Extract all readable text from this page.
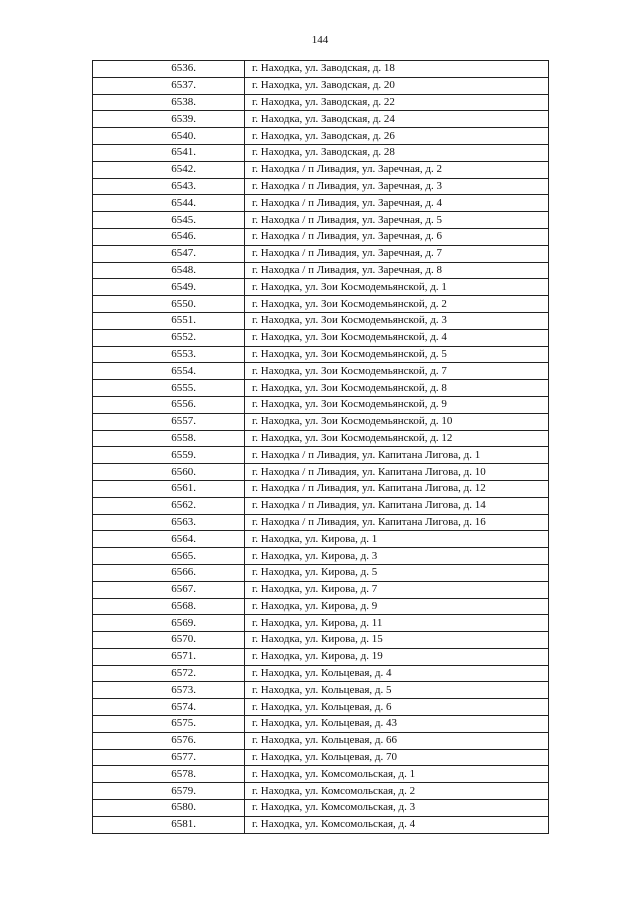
144
6536.	г. Находка, ул. Заводская, д. 18
6537.	г. Находка, ул. Заводская, д. 20
6538.	г. Находка, ул. Заводская, д. 22
6539.	г. Находка, ул. Заводская, д. 24
6540.	г. Находка, ул. Заводская, д. 26
6541.	г. Находка, ул. Заводская, д. 28
6542.	г. Находка / п Ливадия, ул. Заречная, д. 2
6543.	г. Находка / п Ливадия, ул. Заречная, д. 3
6544.	г. Находка / п Ливадия, ул. Заречная, д. 4
6545.	г. Находка / п Ливадия, ул. Заречная, д. 5
6546.	г. Находка / п Ливадия, ул. Заречная, д. 6
6547.	г. Находка / п Ливадия, ул. Заречная, д. 7
6548.	г. Находка / п Ливадия, ул. Заречная, д. 8
6549.	г. Находка, ул. Зои Космодемьянской, д. 1
6550.	г. Находка, ул. Зои Космодемьянской, д. 2
6551.	г. Находка, ул. Зои Космодемьянской, д. 3
6552.	г. Находка, ул. Зои Космодемьянской, д. 4
6553.	г. Находка, ул. Зои Космодемьянской, д. 5
6554.	г. Находка, ул. Зои Космодемьянской, д. 7
6555.	г. Находка, ул. Зои Космодемьянской, д. 8
6556.	г. Находка, ул. Зои Космодемьянской, д. 9
6557.	г. Находка, ул. Зои Космодемьянской, д. 10
6558.	г. Находка, ул. Зои Космодемьянской, д. 12
6559.	г. Находка / п Ливадия, ул. Капитана Лигова, д. 1
6560.	г. Находка / п Ливадия, ул. Капитана Лигова, д. 10
6561.	г. Находка / п Ливадия, ул. Капитана Лигова, д. 12
6562.	г. Находка / п Ливадия, ул. Капитана Лигова, д. 14
6563.	г. Находка / п Ливадия, ул. Капитана Лигова, д. 16
6564.	г. Находка, ул. Кирова, д. 1
6565.	г. Находка, ул. Кирова, д. 3
6566.	г. Находка, ул. Кирова, д. 5
6567.	г. Находка, ул. Кирова, д. 7
6568.	г. Находка, ул. Кирова, д. 9
6569.	г. Находка, ул. Кирова, д. 11
6570.	г. Находка, ул. Кирова, д. 15
6571.	г. Находка, ул. Кирова, д. 19
6572.	г. Находка, ул. Кольцевая, д. 4
6573.	г. Находка, ул. Кольцевая, д. 5
6574.	г. Находка, ул. Кольцевая, д. 6
6575.	г. Находка, ул. Кольцевая, д. 43
6576.	г. Находка, ул. Кольцевая, д. 66
6577.	г. Находка, ул. Кольцевая, д. 70
6578.	г. Находка, ул. Комсомольская, д. 1
6579.	г. Находка, ул. Комсомольская, д. 2
6580.	г. Находка, ул. Комсомольская, д. 3
6581.	г. Находка, ул. Комсомольская, д. 4
